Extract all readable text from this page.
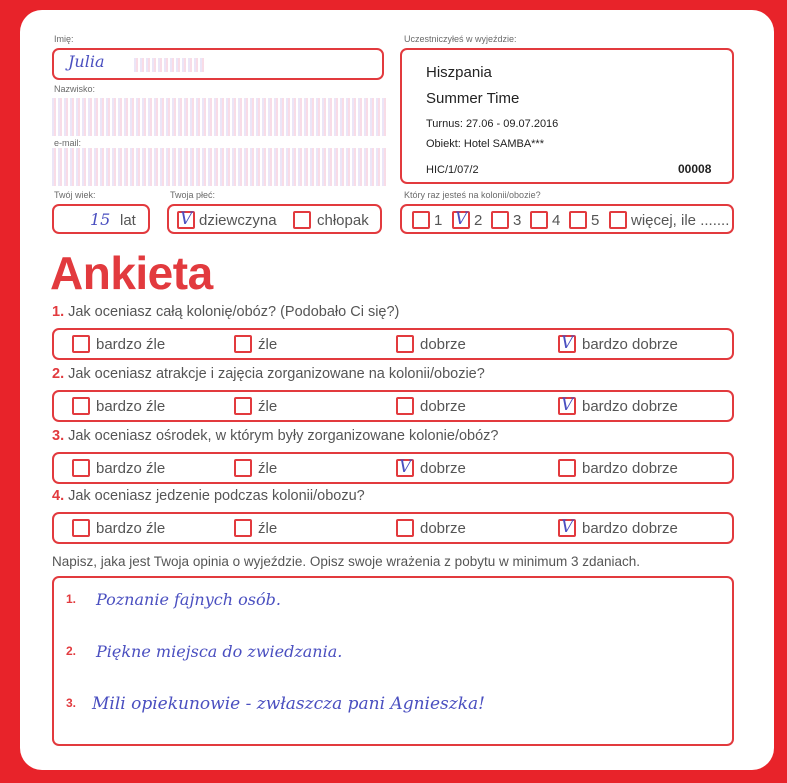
Imię:
Julia
Nazwisko:
e-mail:
Twój wiek:
15 lat
Twoja płeć:
V dziewczyna	chłopak
Uczestniczyłeś w wyjeździe:
Hiszpania
Summer Time
Turnus: 27.06 - 09.07.2016
Obiekt: Hotel SAMBA***
HIC/1/07/2	00008
Który raz jesteś na kolonii/obozie?
1 V 2 3 4 5 więcej, ile .......
Ankieta
1. Jak oceniasz całą kolonię/obóz? (Podobało Ci się?)
bardzo źle	źle	dobrze	V bardzo dobrze
2. Jak oceniasz atrakcje i zajęcia zorganizowane na kolonii/obozie?
bardzo źle	źle	dobrze	V bardzo dobrze
3. Jak oceniasz ośrodek, w którym były zorganizowane kolonie/obóz?
bardzo źle	źle	V dobrze	bardzo dobrze
4. Jak oceniasz jedzenie podczas kolonii/obozu?
bardzo źle	źle	dobrze	V bardzo dobrze
Napisz, jaka jest Twoja opinia o wyjeździe. Opisz swoje wrażenia z pobytu w minimum 3 zdaniach.
1. Poznanie fajnych osób.
2. Piękne miejsca do zwiedzania.
3. Mili opiekunowie - zwłaszcza pani Agnieszka!
